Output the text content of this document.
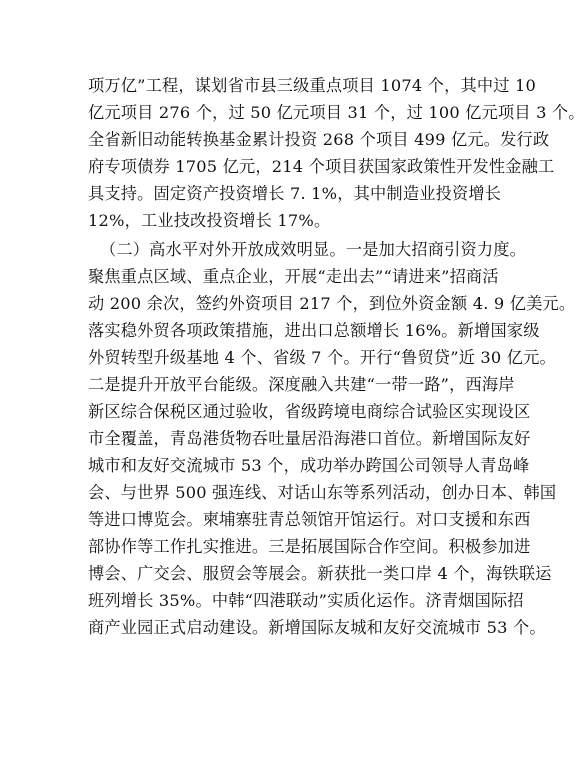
项万亿”工程，谋划省市县三级重点项目 1074 个，其中过 10
亿元项目 276 个，过 50 亿元项目 31 个，过 100 亿元项目 3 个。
全省新旧动能转换基金累计投资 268 个项目 499 亿元。发行政
府专项债券 1705 亿元，214 个项目获国家政策性开发性金融工
具支持。固定资产投资增长 7. 1%，其中制造业投资增长
12%，工业技改投资增长 17%。
（二）高水平对外开放成效明显。一是加大招商引资力度。
聚焦重点区域、重点企业，开展“走出去”“请进来”招商活
动 200 余次，签约外资项目 217 个，到位外资金额 4. 9 亿美元。
落实稳外贸各项政策措施，进出口总额增长 16%。新增国家级
外贸转型升级基地 4 个、省级 7 个。开行“鲁贸贷”近 30 亿元。
二是提升开放平台能级。深度融入共建“一带一路”，西海岸
新区综合保税区通过验收，省级跨境电商综合试验区实现设区
市全覆盖，青岛港货物吞吐量居沿海港口首位。新增国际友好
城市和友好交流城市 53 个，成功举办跨国公司领导人青岛峰
会、与世界 500 强连线、对话山东等系列活动，创办日本、韩国
等进口博览会。柬埔寨驻青总领馆开馆运行。对口支援和东西
部协作等工作扎实推进。三是拓展国际合作空间。积极参加进
博会、广交会、服贸会等展会。新获批一类口岸 4 个，海铁联运
班列增长 35%。中韩“四港联动”实质化运作。济青烟国际招
商产业园正式启动建设。新增国际友城和友好交流城市 53 个。
